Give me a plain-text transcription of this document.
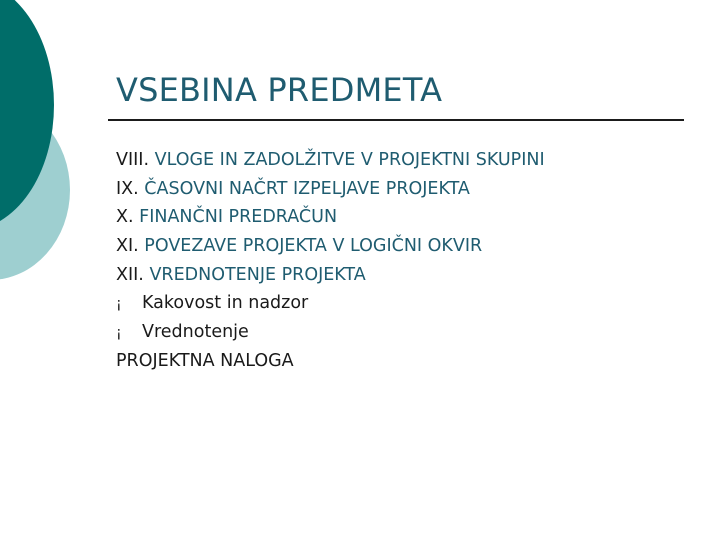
VSEBINA PREDMETA
VIII. VLOGE IN ZADOLŽITVE V PROJEKTNI SKUPINI
IX. ČASOVNI NAČRT IZPELJAVE PROJEKTA
X. FINANČNI PREDRAČUN
XI. POVEZAVE PROJEKTA V LOGIČNI OKVIR
XII. VREDNOTENJE PROJEKTA
¡ Kakovost in nadzor
¡ Vrednotenje
PROJEKTNA NALOGA
